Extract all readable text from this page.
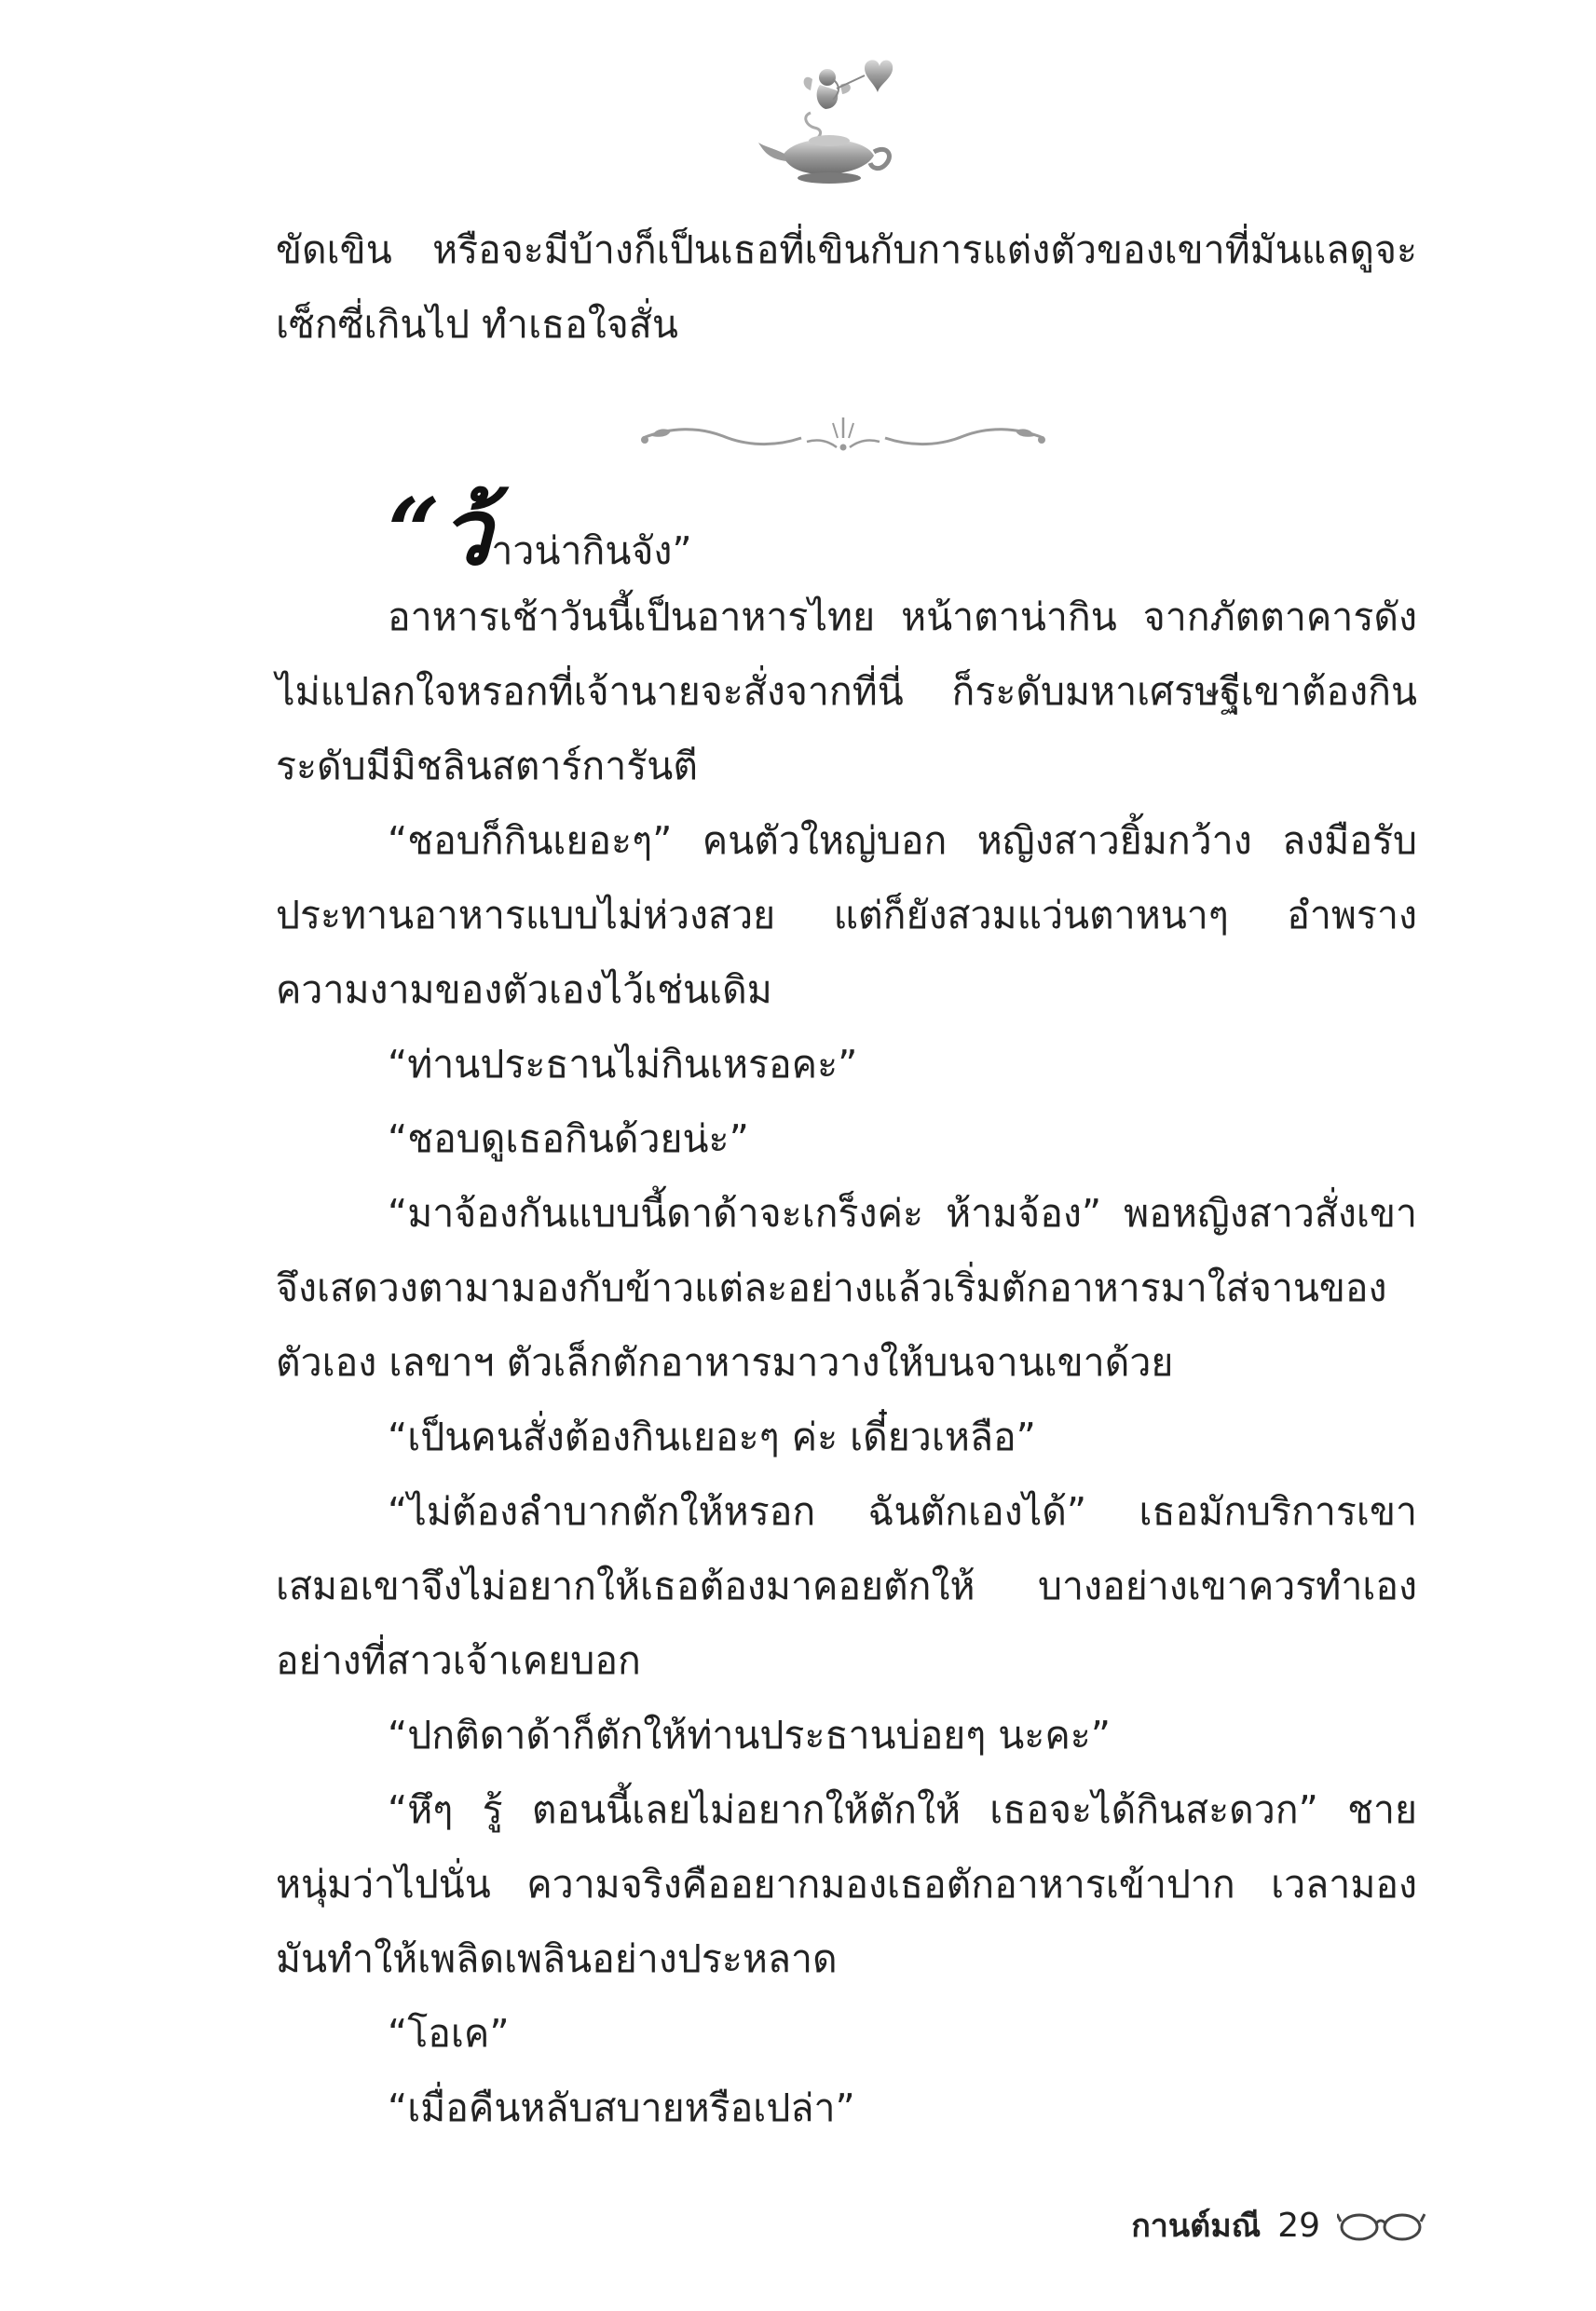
ขัดเขิน หรือจะมีบ้างก็เป็นเธอที่เขินกับการแต่งตัวของเขาที่มันแลดูจะเซ็กซี่เกินไป ทำเธอใจสั่น

“ว้าวน่ากินจัง”

อาหารเช้าวันนี้เป็นอาหารไทย หน้าตาน่ากิน จากภัตตาคารดังไม่แปลกใจหรอกที่เจ้านายจะสั่งจากที่นี่ ก็ระดับมหาเศรษฐีเขาต้องกินระดับมีมิชลินสตาร์การันตี

“ชอบก็กินเยอะๆ” คนตัวใหญ่บอก หญิงสาวยิ้มกว้าง ลงมือรับประทานอาหารแบบไม่ห่วงสวย แต่ก็ยังสวมแว่นตาหนาๆ อำพรางความงามของตัวเองไว้เช่นเดิม

“ท่านประธานไม่กินเหรอคะ”

“ชอบดูเธอกินด้วยน่ะ”

“มาจ้องกันแบบนี้ดาด้าจะเกร็งค่ะ ห้ามจ้อง” พอหญิงสาวสั่งเขาจึงเสดวงตามามองกับข้าวแต่ละอย่างแล้วเริ่มตักอาหารมาใส่จานของตัวเอง เลขาฯ ตัวเล็กตักอาหารมาวางให้บนจานเขาด้วย

“เป็นคนสั่งต้องกินเยอะๆ ค่ะ เดี๋ยวเหลือ”

“ไม่ต้องลำบากตักให้หรอก ฉันตักเองได้” เธอมักบริการเขาเสมอเขาจึงไม่อยากให้เธอต้องมาคอยตักให้ บางอย่างเขาควรทำเอง อย่างที่สาวเจ้าเคยบอก

“ปกติดาด้าก็ตักให้ท่านประธานบ่อยๆ นะคะ”

“หึๆ รู้ ตอนนี้เลยไม่อยากให้ตักให้ เธอจะได้กินสะดวก” ชายหนุ่มว่าไปนั่น ความจริงคืออยากมองเธอตักอาหารเข้าปาก เวลามองมันทำให้เพลิดเพลินอย่างประหลาด

“โอเค”

“เมื่อคืนหลับสบายหรือเปล่า”

กานต์มณี 29
